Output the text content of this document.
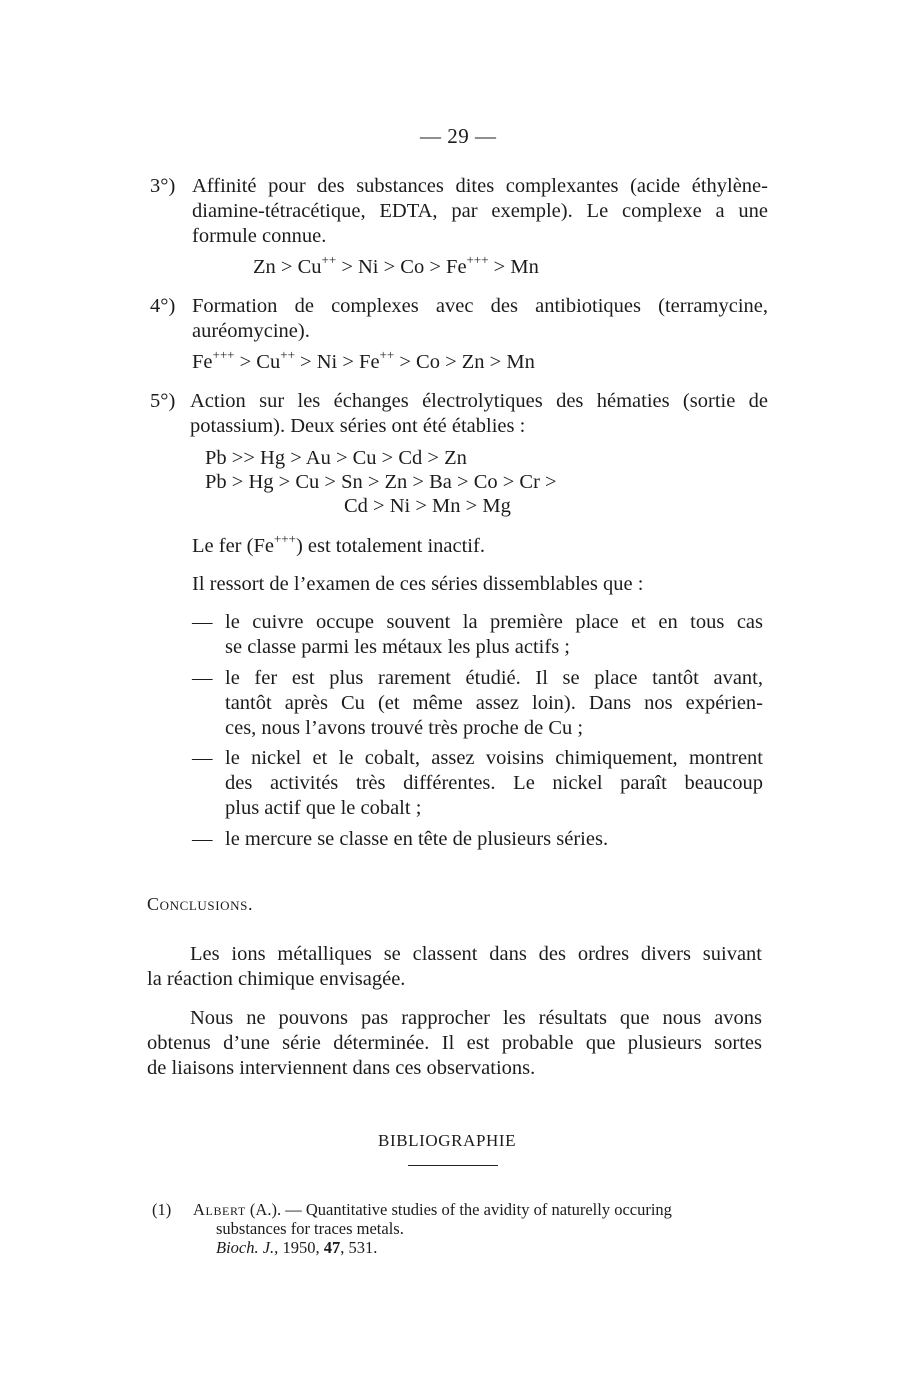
— 29 —
3°) Affinité pour des substances dites complexantes (acide éthylène-
diamine-tétracétique, EDTA, par exemple). Le complexe a une
formule connue.
Zn > Cu++ > Ni > Co > Fe+++ > Mn
4°) Formation de complexes avec des antibiotiques (terramycine,
auréomycine).
Fe+++ > Cu++ > Ni > Fe++ > Co > Zn > Mn
5°) Action sur les échanges électrolytiques des hématies (sortie de
potassium). Deux séries ont été établies :
Pb >> Hg > Au > Cu > Cd > Zn
Pb > Hg > Cu > Sn > Zn > Ba > Co > Cr >
Cd > Ni > Mn > Mg
Le fer (Fe+++) est totalement inactif.
Il ressort de l’examen de ces séries dissemblables que :
— le cuivre occupe souvent la première place et en tous cas
se classe parmi les métaux les plus actifs ;
— le fer est plus rarement étudié. Il se place tantôt avant,
tantôt après Cu (et même assez loin). Dans nos expérien-
ces, nous l’avons trouvé très proche de Cu ;
— le nickel et le cobalt, assez voisins chimiquement, montrent
des activités très différentes. Le nickel paraît beaucoup
plus actif que le cobalt ;
— le mercure se classe en tête de plusieurs séries.
Conclusions.
Les ions métalliques se classent dans des ordres divers suivant
la réaction chimique envisagée.
Nous ne pouvons pas rapprocher les résultats que nous avons
obtenus d’une série déterminée. Il est probable que plusieurs sortes
de liaisons interviennent dans ces observations.
BIBLIOGRAPHIE
(1) Albert (A.). — Quantitative studies of the avidity of naturelly occuring
substances for traces metals.
Bioch. J., 1950, 47, 531.
